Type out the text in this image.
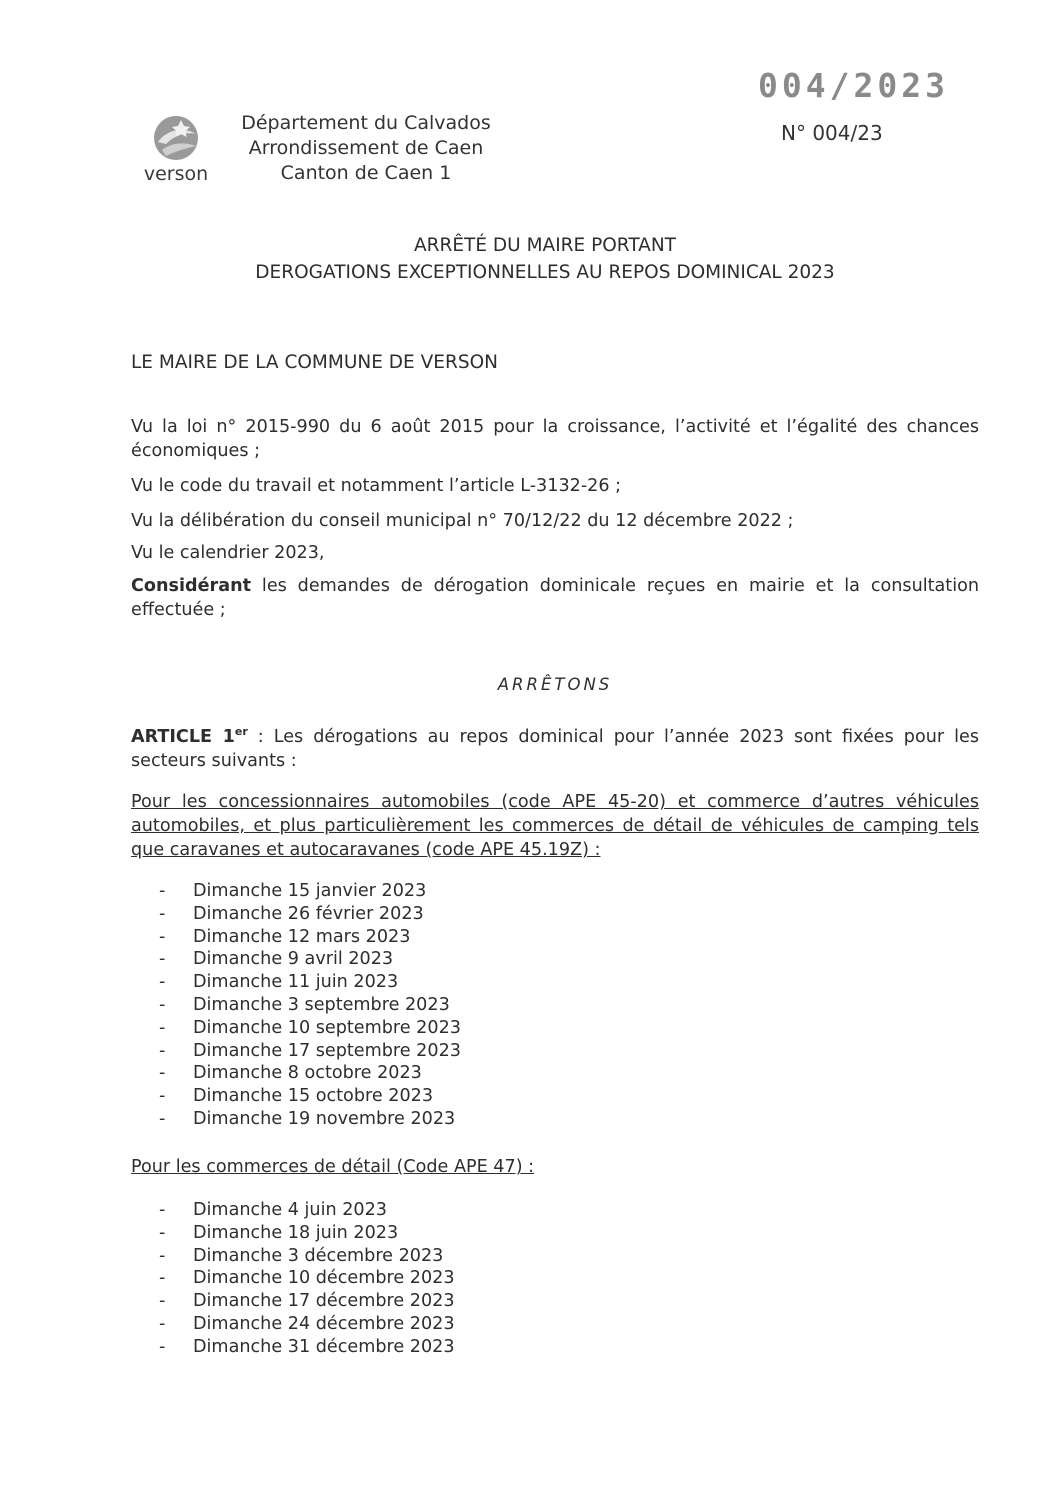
004/2023
N° 004/23
verson
Département du Calvados
Arrondissement de Caen
Canton de Caen 1
ARRÊTÉ DU MAIRE PORTANT
DEROGATIONS EXCEPTIONNELLES AU REPOS DOMINICAL 2023
LE MAIRE DE LA COMMUNE DE VERSON
Vu la loi n° 2015-990 du 6 août 2015 pour la croissance, l’activité et l’égalité des chances économiques ;
Vu le code du travail et notamment l’article L-3132-26 ;
Vu la délibération du conseil municipal n° 70/12/22 du 12 décembre 2022 ;
Vu le calendrier 2023,
Considérant les demandes de dérogation dominicale reçues en mairie et la consultation effectuée ;
ARRÊTONS
ARTICLE 1er : Les dérogations au repos dominical pour l’année 2023 sont fixées pour les secteurs suivants :
Pour les concessionnaires automobiles (code APE 45-20) et commerce d’autres véhicules automobiles, et plus particulièrement les commerces de détail de véhicules de camping tels que caravanes et autocaravanes (code APE 45.19Z) :
- Dimanche 15 janvier 2023
- Dimanche 26 février 2023
- Dimanche 12 mars 2023
- Dimanche 9 avril 2023
- Dimanche 11 juin 2023
- Dimanche 3 septembre 2023
- Dimanche 10 septembre 2023
- Dimanche 17 septembre 2023
- Dimanche 8 octobre 2023
- Dimanche 15 octobre 2023
- Dimanche 19 novembre 2023
Pour les commerces de détail (Code APE 47) :
- Dimanche 4 juin 2023
- Dimanche 18 juin 2023
- Dimanche 3 décembre 2023
- Dimanche 10 décembre 2023
- Dimanche 17 décembre 2023
- Dimanche 24 décembre 2023
- Dimanche 31 décembre 2023
